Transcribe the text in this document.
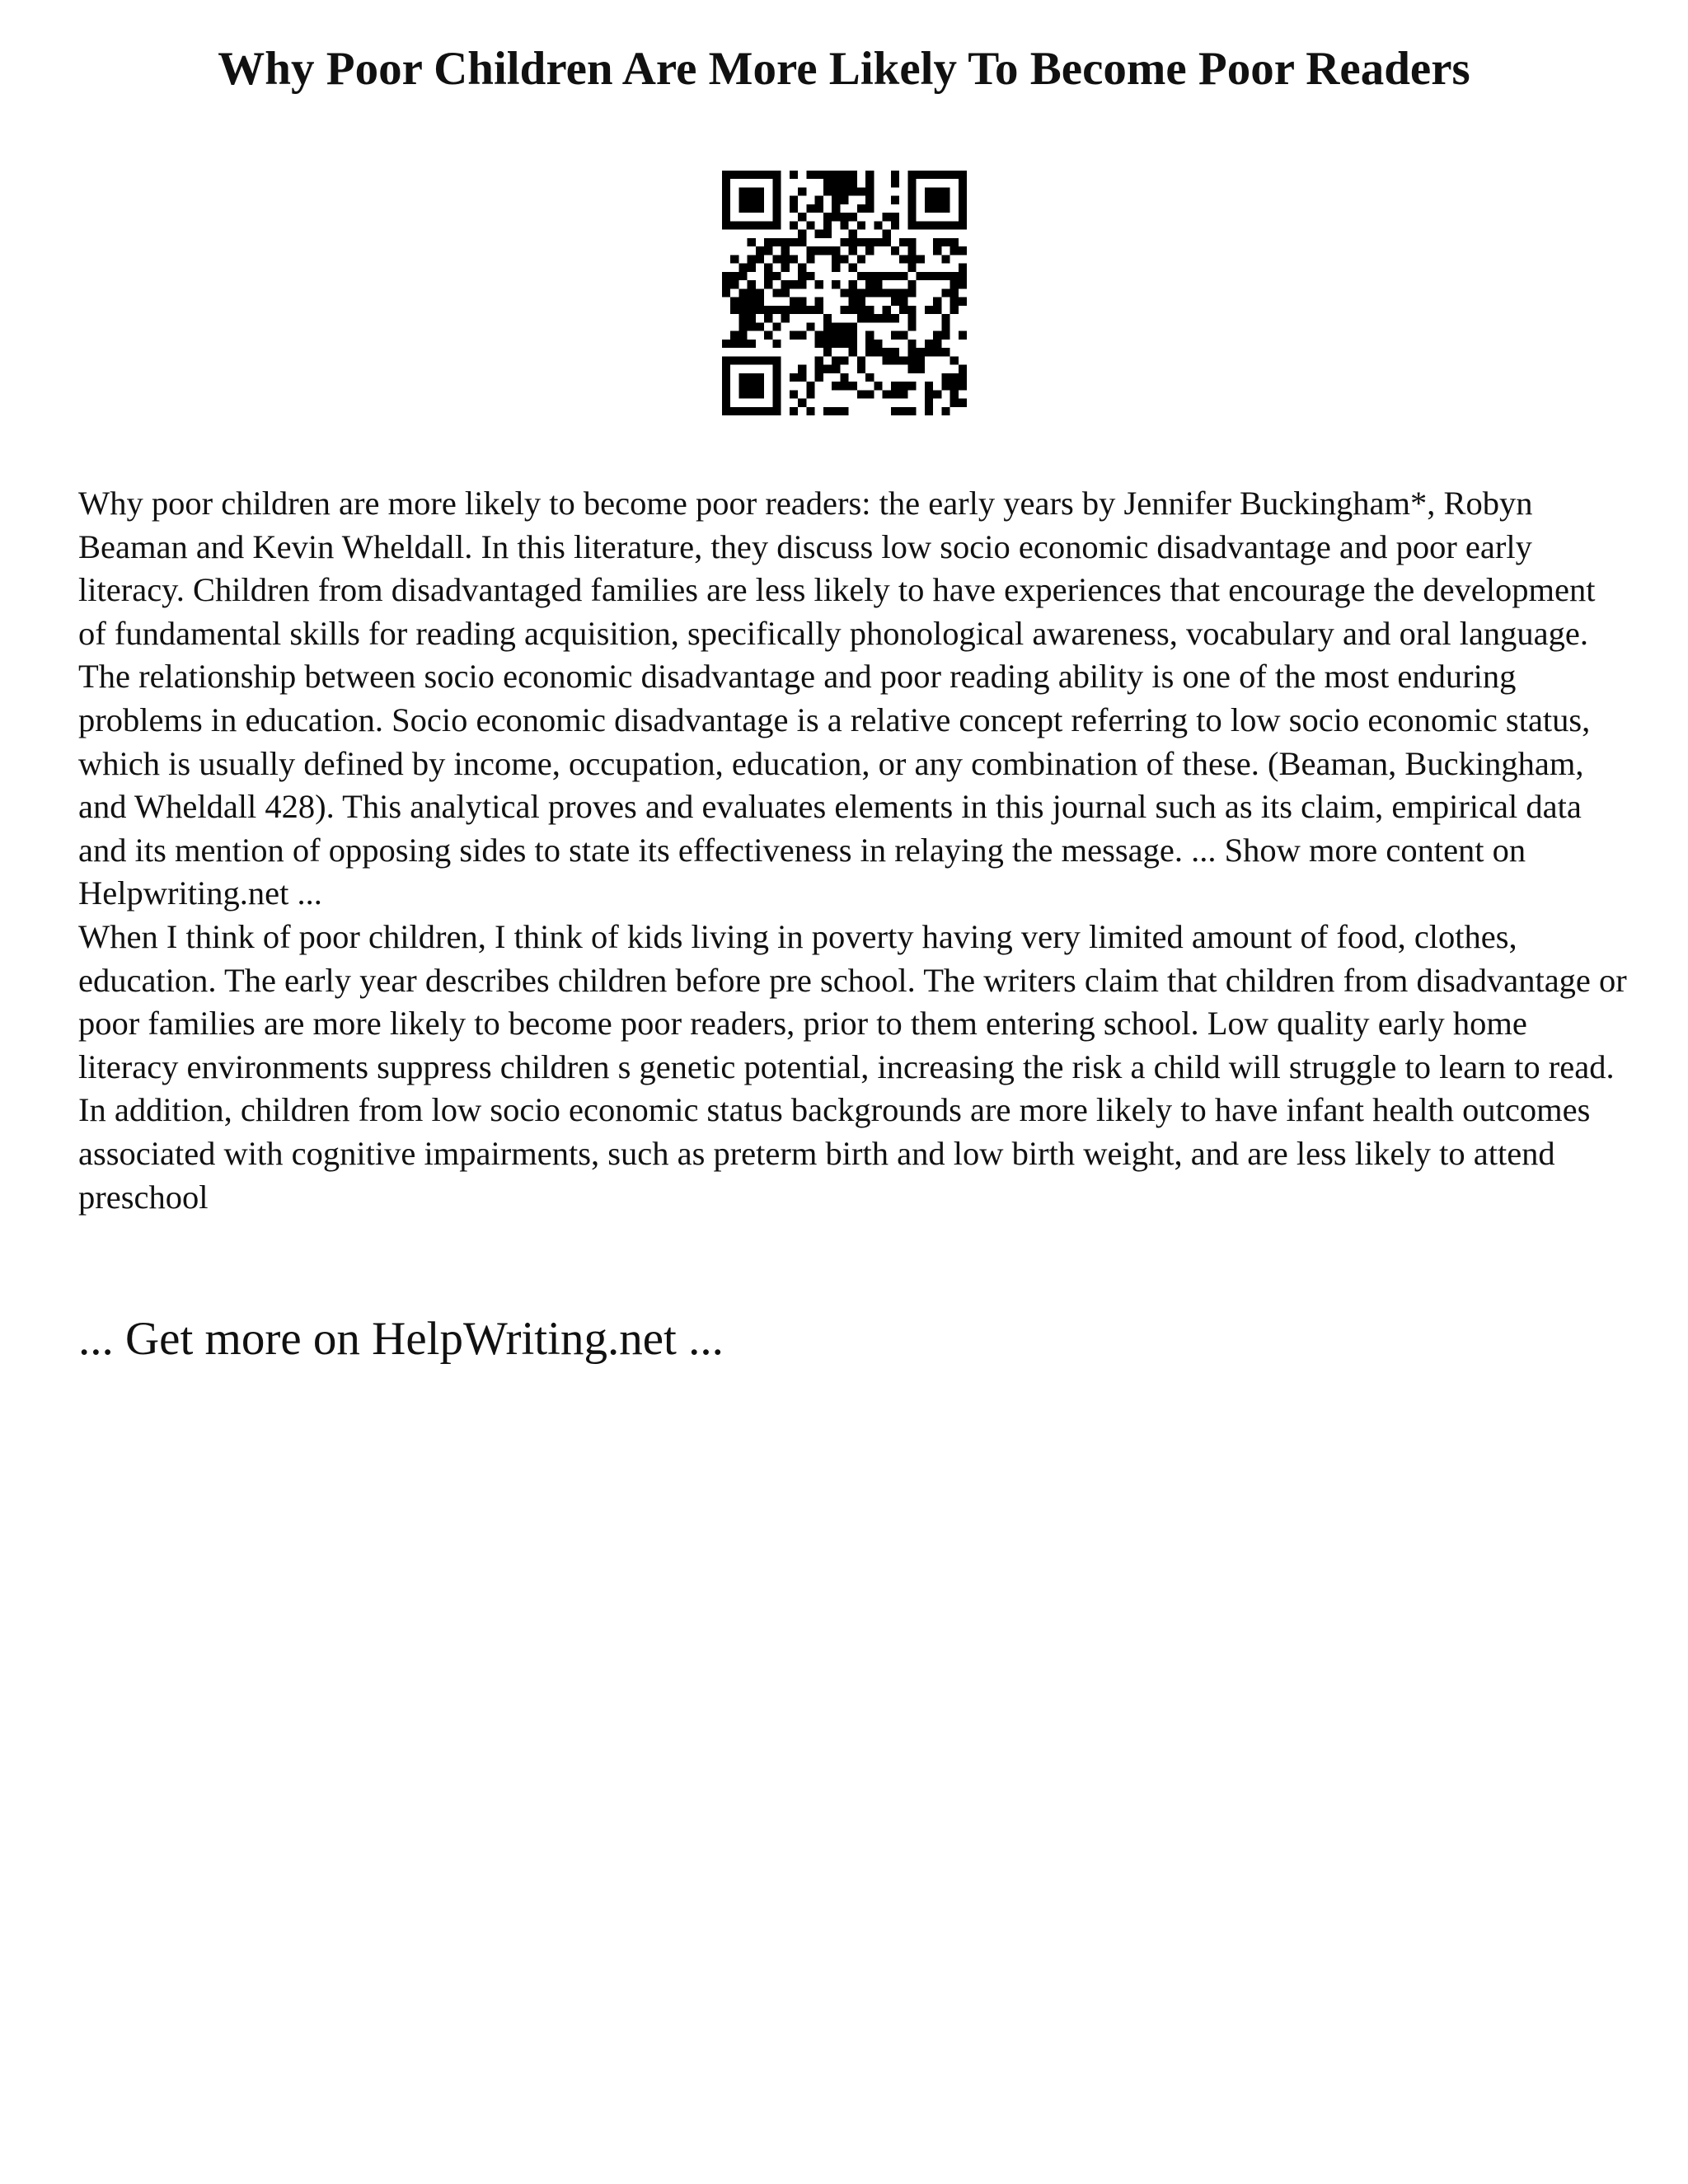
Why Poor Children Are More Likely To Become Poor Readers

Why poor children are more likely to become poor readers: the early years by Jennifer Buckingham*, Robyn Beaman and Kevin Wheldall. In this literature, they discuss low socio economic disadvantage and poor early literacy. Children from disadvantaged families are less likely to have experiences that encourage the development of fundamental skills for reading acquisition, specifically phonological awareness, vocabulary and oral language. The relationship between socio economic disadvantage and poor reading ability is one of the most enduring problems in education. Socio economic disadvantage is a relative concept referring to low socio economic status, which is usually defined by income, occupation, education, or any combination of these. (Beaman, Buckingham, and Wheldall 428). This analytical proves and evaluates elements in this journal such as its claim, empirical data and its mention of opposing sides to state its effectiveness in relaying the message. ... Show more content on Helpwriting.net ...

When I think of poor children, I think of kids living in poverty having very limited amount of food, clothes, education. The early year describes children before pre school. The writers claim that children from disadvantage or poor families are more likely to become poor readers, prior to them entering school. Low quality early home literacy environments suppress children s genetic potential, increasing the risk a child will struggle to learn to read. In addition, children from low socio economic status backgrounds are more likely to have infant health outcomes associated with cognitive impairments, such as preterm birth and low birth weight, and are less likely to attend preschool

... Get more on HelpWriting.net ...
